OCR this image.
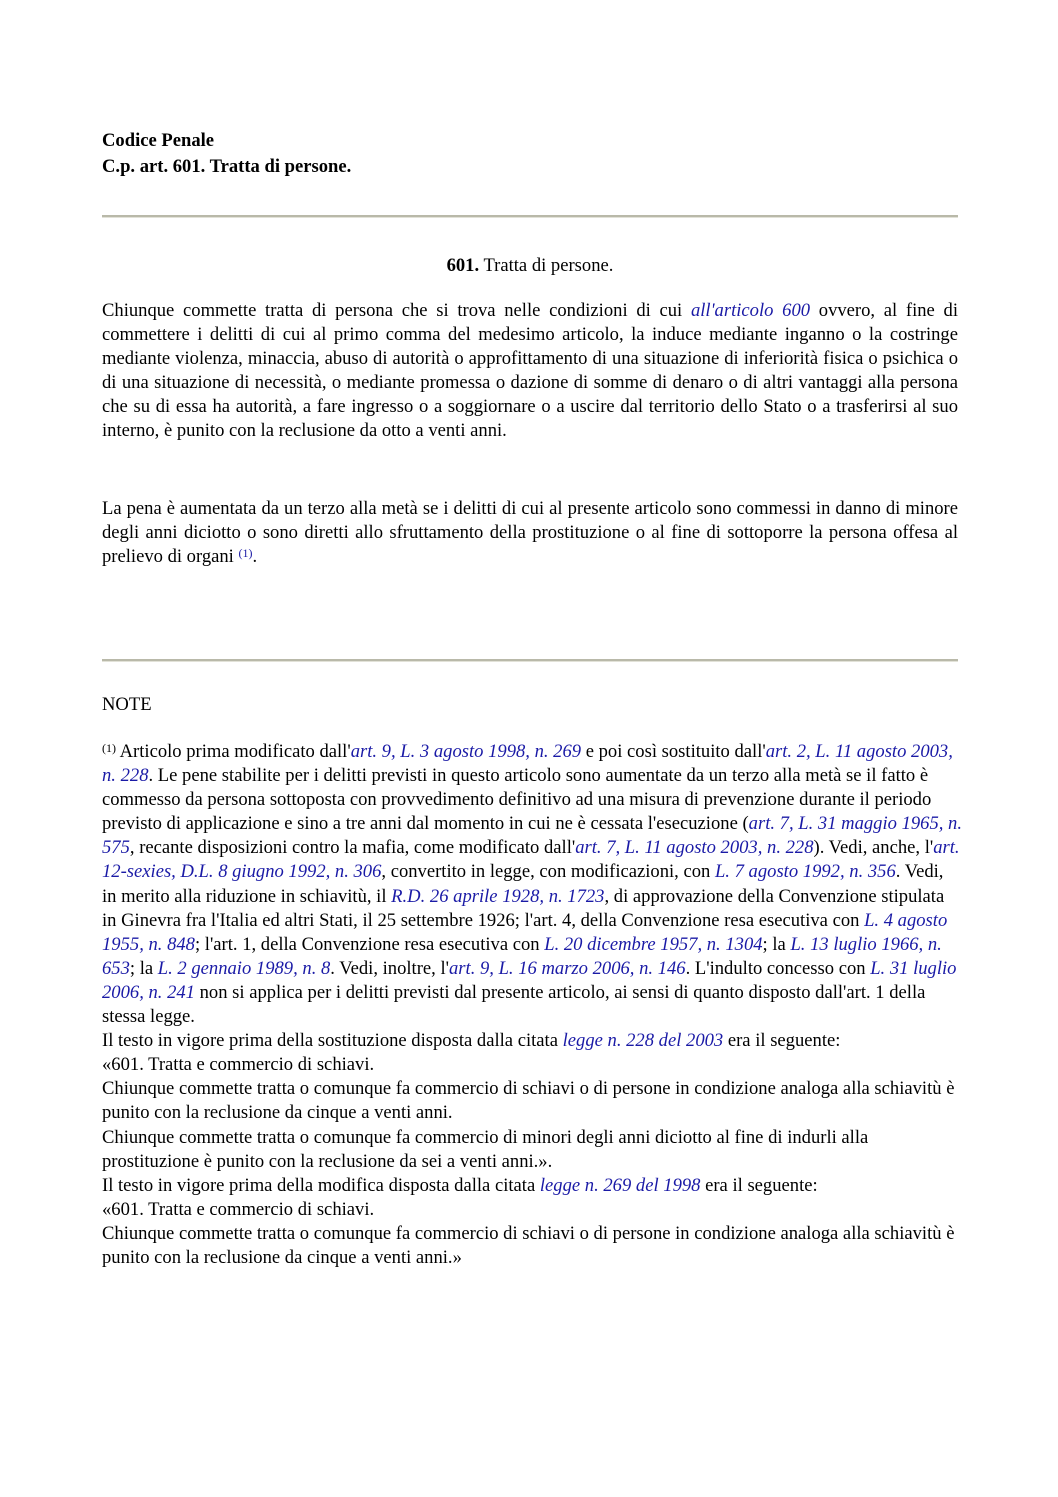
Codice Penale
C.p. art. 601. Tratta di persone.
601. Tratta di persone.

Chiunque commette tratta di persona che si trova nelle condizioni di cui all'articolo 600 ovvero, al fine di commettere i delitti di cui al primo comma del medesimo articolo, la induce mediante inganno o la costringe mediante violenza, minaccia, abuso di autorità o approfittamento di una situazione di inferiorità fisica o psichica o di una situazione di necessità, o mediante promessa o dazione di somme di denaro o di altri vantaggi alla persona che su di essa ha autorità, a fare ingresso o a soggiornare o a uscire dal territorio dello Stato o a trasferirsi al suo interno, è punito con la reclusione da otto a venti anni.

La pena è aumentata da un terzo alla metà se i delitti di cui al presente articolo sono commessi in danno di minore degli anni diciotto o sono diretti allo sfruttamento della prostituzione o al fine di sottoporre la persona offesa al prelievo di organi $^{(1)}$.

NOTE

$^{(1)}$ Articolo prima modificato dall'art. 9, L. 3 agosto 1998, n. 269 e poi così sostituito dall'art. 2, L. 11 agosto 2003, n. 228. Le pene stabilite per i delitti previsti in questo articolo sono aumentate da un terzo alla metà se il fatto è commesso da persona sottoposta con provvedimento definitivo ad una misura di prevenzione durante il periodo previsto di applicazione e sino a tre anni dal momento in cui ne è cessata l'esecuzione (art. 7, L. 31 maggio 1965, n. 575, recante disposizioni contro la mafia, come modificato dall'art. 7, L. 11 agosto 2003, n. 228). Vedi, anche, l'art. 12-sexies, D.L. 8 giugno 1992, n. 306, convertito in legge, con modificazioni, con L. 7 agosto 1992, n. 356. Vedi, in merito alla riduzione in schiavitù, il R.D. 26 aprile 1928, n. 1723, di approvazione della Convenzione stipulata in Ginevra fra l'Italia ed altri Stati, il 25 settembre 1926; l'art. 4, della Convenzione resa esecutiva con L. 4 agosto 1955, n. 848; l'art. 1, della Convenzione resa esecutiva con L. 20 dicembre 1957, n. 1304; la L. 13 luglio 1966, n. 653; la L. 2 gennaio 1989, n. 8. Vedi, inoltre, l'art. 9, L. 16 marzo 2006, n. 146. L'indulto concesso con L. 31 luglio 2006, n. 241 non si applica per i delitti previsti dal presente articolo, ai sensi di quanto disposto dall'art. 1 della stessa legge.
Il testo in vigore prima della sostituzione disposta dalla citata legge n. 228 del 2003 era il seguente:
«601. Tratta e commercio di schiavi.
Chiunque commette tratta o comunque fa commercio di schiavi o di persone in condizione analoga alla schiavitù è punito con la reclusione da cinque a venti anni.
Chiunque commette tratta o comunque fa commercio di minori degli anni diciotto al fine di indurli alla prostituzione è punito con la reclusione da sei a venti anni.».
Il testo in vigore prima della modifica disposta dalla citata legge n. 269 del 1998 era il seguente:
«601. Tratta e commercio di schiavi.
Chiunque commette tratta o comunque fa commercio di schiavi o di persone in condizione analoga alla schiavitù è punito con la reclusione da cinque a venti anni.»
